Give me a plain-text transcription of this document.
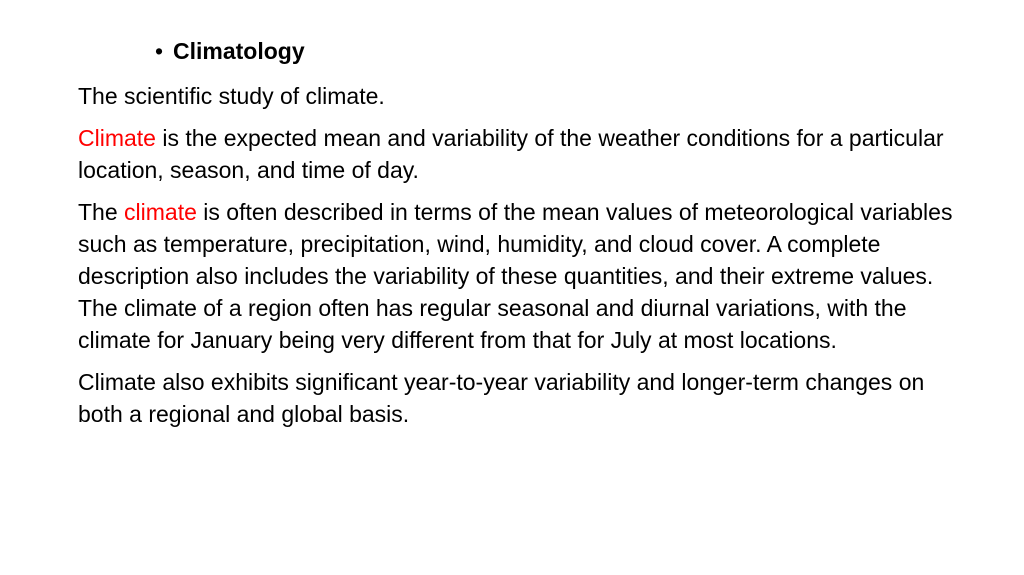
• Climatology

The scientific study of climate.

Climate is the expected mean and variability of the weather conditions for a particular location, season, and time of day.

The climate is often described in terms of the mean values of meteorological variables such as temperature, precipitation, wind, humidity, and cloud cover. A complete description also includes the variability of these quantities, and their extreme values. The climate of a region often has regular seasonal and diurnal variations, with the climate for January being very different from that for July at most locations.

Climate also exhibits significant year-to-year variability and longer-term changes on both a regional and global basis.
